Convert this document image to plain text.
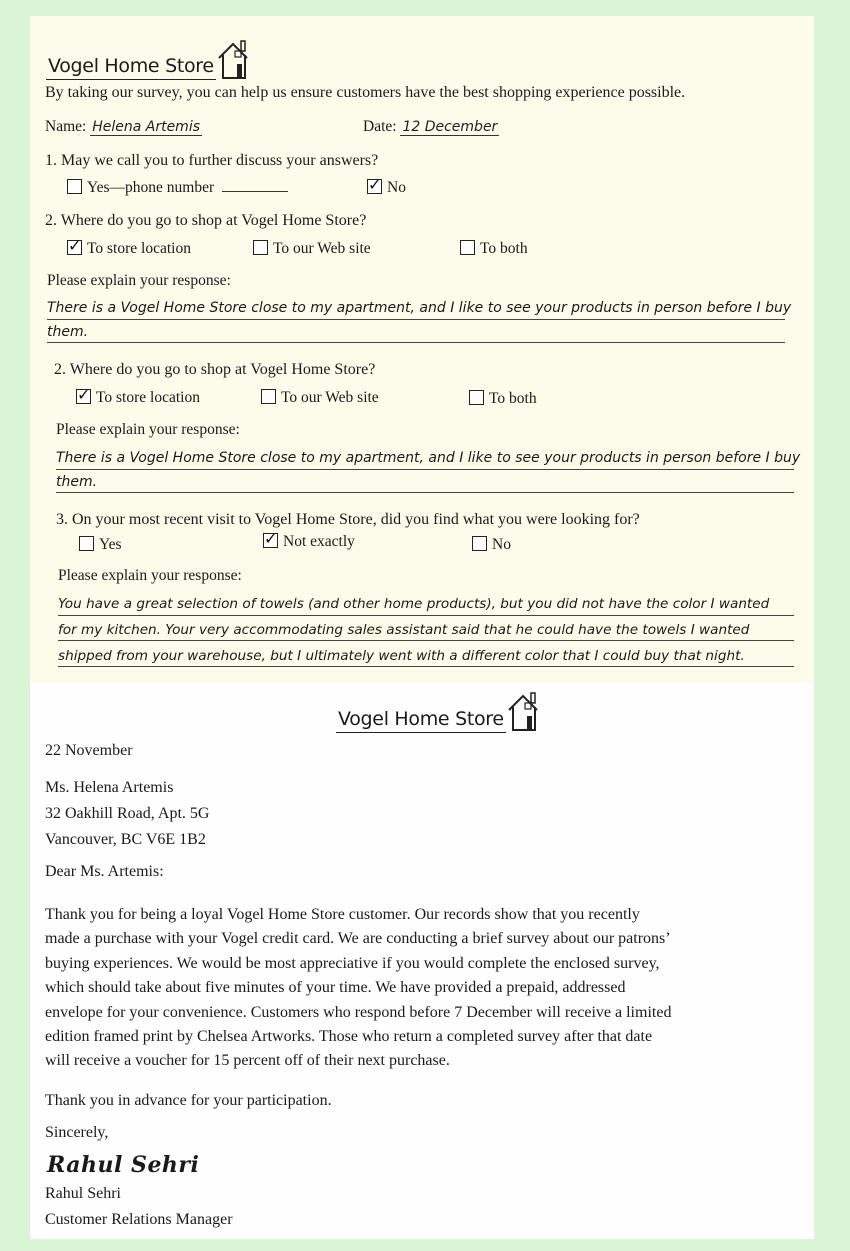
Vogel Home Store
By taking our survey, you can help us ensure customers have the best shopping experience possible.
Name: Helena Artemis	Date: 12 December
1. May we call you to further discuss your answers?
Yes—phone number ✓	No
2. Where do you go to shop at Vogel Home Store?
✓To store location	To our Web site	To both
Please explain your response:
There is a Vogel Home Store close to my apartment, and I like to see your products in person before I buy
them.
2. Where do you go to shop at Vogel Home Store?
✓To store location	To our Web site	To both
Please explain your response:
There is a Vogel Home Store close to my apartment, and I like to see your products in person before I buy
them.
3. On your most recent visit to Vogel Home Store, did you find what you were looking for?
Yes ✓	Not exactly	No
Please explain your response:
You have a great selection of towels (and other home products), but you did not have the color I wanted
for my kitchen. Your very accommodating sales assistant said that he could have the towels I wanted
shipped from your warehouse, but I ultimately went with a different color that I could buy that night.
Vogel Home Store
22 November
Ms. Helena Artemis
32 Oakhill Road, Apt. 5G
Vancouver, BC V6E 1B2
Dear Ms. Artemis:
Thank you for being a loyal Vogel Home Store customer. Our records show that you recently
made a purchase with your Vogel credit card. We are conducting a brief survey about our patrons’
buying experiences. We would be most appreciative if you would complete the enclosed survey,
which should take about five minutes of your time. We have provided a prepaid, addressed
envelope for your convenience. Customers who respond before 7 December will receive a limited
edition framed print by Chelsea Artworks. Those who return a completed survey after that date
will receive a voucher for 15 percent off of their next purchase.
Thank you in advance for your participation.
Sincerely,
Rahul Sehri
Rahul Sehri
Customer Relations Manager
